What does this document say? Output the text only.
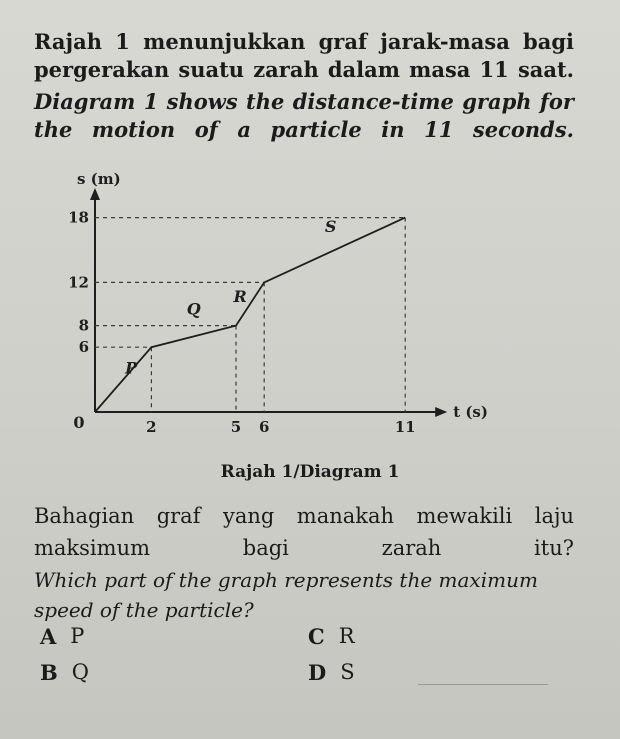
Rajah 1 menunjukkan graf jarak-masa bagi pergerakan suatu zarah dalam masa 11 saat.

Diagram 1 shows the distance-time graph for the motion of a particle in 11 seconds.

s (m)
t (s)
18
12
8
6
0	2	5 6	11
P
Q
R
S
Rajah 1/Diagram 1

Bahagian graf yang manakah mewakili laju maksimum bagi zarah itu?

Which part of the graph represents the maximum speed of the particle?

A P
B Q
C R
D S
